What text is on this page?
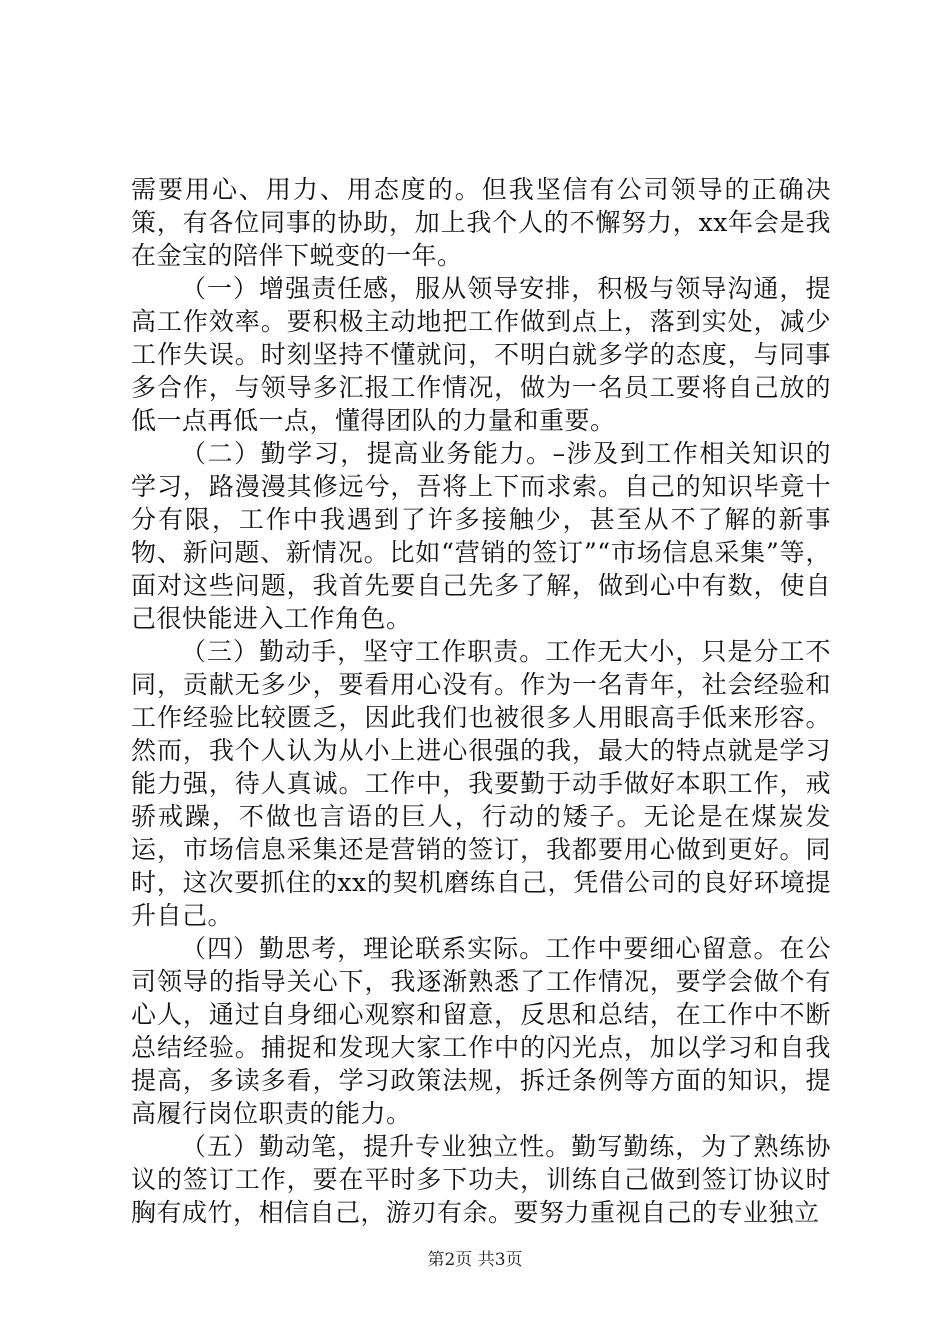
需要用心、用力、用态度的。但我坚信有公司领导的正确决策，有各位同事的协助，加上我个人的不懈努力，xx年会是我在金宝的陪伴下蜕变的一年。

（一）增强责任感，服从领导安排，积极与领导沟通，提高工作效率。要积极主动地把工作做到点上，落到实处，减少工作失误。时刻坚持不懂就问，不明白就多学的态度，与同事多合作，与领导多汇报工作情况，做为一名员工要将自己放的低一点再低一点，懂得团队的力量和重要。

（二）勤学习，提高业务能力。–涉及到工作相关知识的学习，路漫漫其修远兮，吾将上下而求索。自己的知识毕竟十分有限，工作中我遇到了许多接触少，甚至从不了解的新事物、新问题、新情况。比如“营销的签订”“市场信息采集”等，面对这些问题，我首先要自己先多了解，做到心中有数，使自己很快能进入工作角色。

（三）勤动手，坚守工作职责。工作无大小，只是分工不同，贡献无多少，要看用心没有。作为一名青年，社会经验和工作经验比较匮乏，因此我们也被很多人用眼高手低来形容。然而，我个人认为从小上进心很强的我，最大的特点就是学习能力强，待人真诚。工作中，我要勤于动手做好本职工作，戒骄戒躁，不做也言语的巨人，行动的矮子。无论是在煤炭发运，市场信息采集还是营销的签订，我都要用心做到更好。同时，这次要抓住的xx的契机磨练自己，凭借公司的良好环境提升自己。

（四）勤思考，理论联系实际。工作中要细心留意。在公司领导的指导关心下，我逐渐熟悉了工作情况，要学会做个有心人，通过自身细心观察和留意，反思和总结，在工作中不断总结经验。捕捉和发现大家工作中的闪光点，加以学习和自我提高，多读多看，学习政策法规，拆迁条例等方面的知识，提高履行岗位职责的能力。

（五）勤动笔，提升专业独立性。勤写勤练，为了熟练协议的签订工作，要在平时多下功夫，训练自己做到签订协议时胸有成竹，相信自己，游刃有余。要努力重视自己的专业独立

第2页 共3页
